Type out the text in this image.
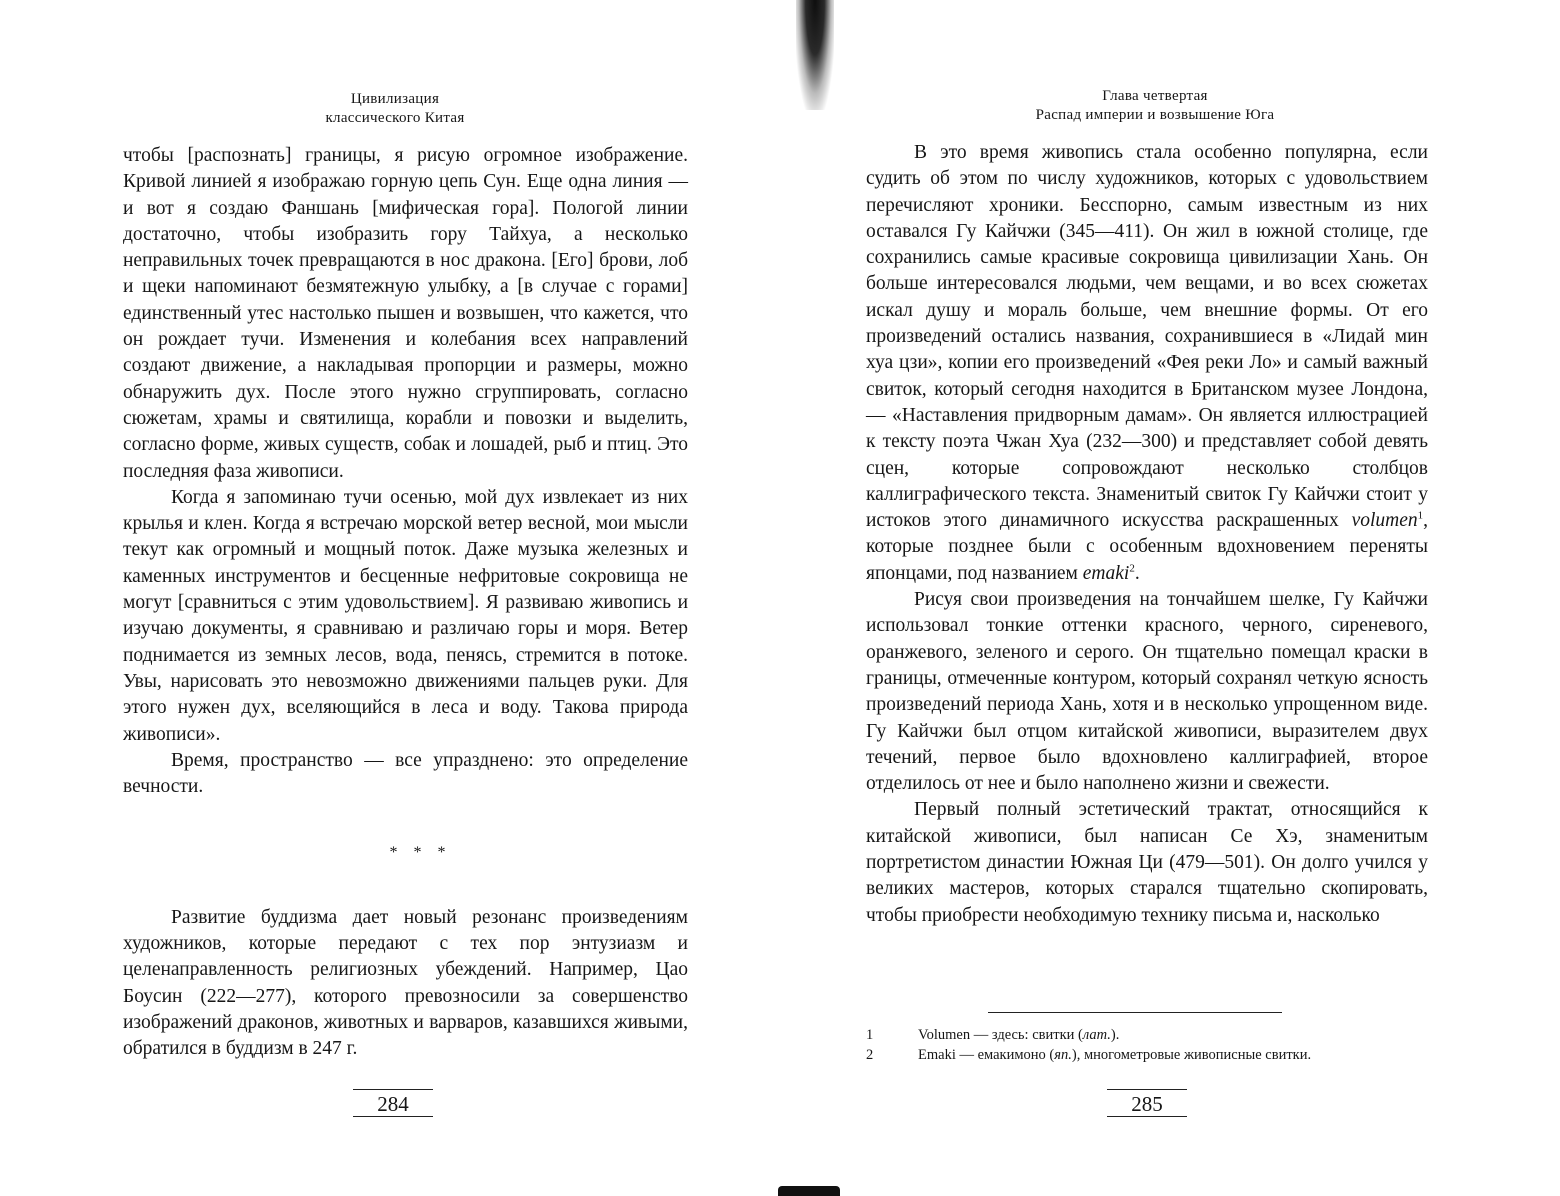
Цивилизация
классического Китая

чтобы [распознать] границы, я рисую огромное изображение. Кривой линией я изображаю горную цепь Сун. Еще одна линия — и вот я создаю Фаншань [мифическая гора]. Пологой линии достаточно, чтобы изобразить гору Тайхуа, а несколько неправильных точек превращаются в нос дракона. [Его] брови, лоб и щеки напоминают безмятежную улыбку, а [в случае с горами] единственный утес настолько пышен и возвышен, что кажется, что он рождает тучи. Изменения и колебания всех направлений создают движение, а накладывая пропорции и размеры, можно обнаружить дух. После этого нужно сгруппировать, согласно сюжетам, храмы и святилища, корабли и повозки и выделить, согласно форме, живых существ, собак и лошадей, рыб и птиц. Это последняя фаза живописи.

Когда я запоминаю тучи осенью, мой дух извлекает из них крылья и клен. Когда я встречаю морской ветер весной, мои мысли текут как огромный и мощный поток. Даже музыка железных и каменных инструментов и бесценные нефритовые сокровища не могут [сравниться с этим удовольствием]. Я развиваю живопись и изучаю документы, я сравниваю и различаю горы и моря. Ветер поднимается из земных лесов, вода, пенясь, стремится в потоке. Увы, нарисовать это невозможно движениями пальцев руки. Для этого нужен дух, вселяющийся в леса и воду. Такова природа живописи».

Время, пространство — все упразднено: это определение вечности.

* * *

Развитие буддизма дает новый резонанс произведениям художников, которые передают с тех пор энтузиазм и целенаправленность религиозных убеждений. Например, Цао Боусин (222—277), которого превозносили за совершенство изображений драконов, животных и варваров, казавшихся живыми, обратился в буддизм в 247 г.

284
Глава четвертая
Распад империи и возвышение Юга

В это время живопись стала особенно популярна, если судить об этом по числу художников, которых с удовольствием перечисляют хроники. Бесспорно, самым известным из них оставался Гу Кайчжи (345—411). Он жил в южной столице, где сохранились самые красивые сокровища цивилизации Хань. Он больше интересовался людьми, чем вещами, и во всех сюжетах искал душу и мораль больше, чем внешние формы. От его произведений остались названия, сохранившиеся в «Лидай мин хуа цзи», копии его произведений «Фея реки Ло» и самый важный свиток, который сегодня находится в Британском музее Лондона, — «Наставления придворным дамам». Он является иллюстрацией к тексту поэта Чжан Хуа (232—300) и представляет собой девять сцен, которые сопровождают несколько столбцов каллиграфического текста. Знаменитый свиток Гу Кайчжи стоит у истоков этого динамичного искусства раскрашенных volumen$^1$, которые позднее были с особенным вдохновением переняты японцами, под названием emaki$^2$.

Рисуя свои произведения на тончайшем шелке, Гу Кайчжи использовал тонкие оттенки красного, черного, сиреневого, оранжевого, зеленого и серого. Он тщательно помещал краски в границы, отмеченные контуром, который сохранял четкую ясность произведений периода Хань, хотя и в несколько упрощенном виде. Гу Кайчжи был отцом китайской живописи, выразителем двух течений, первое было вдохновлено каллиграфией, второе отделилось от нее и было наполнено жизни и свежести.

Первый полный эстетический трактат, относящийся к китайской живописи, был написан Се Хэ, знаменитым портретистом династии Южная Ци (479—501). Он долго учился у великих мастеров, которых старался тщательно скопировать, чтобы приобрести необходимую технику письма и, насколько

1	Volumen — здесь: свитки (лат.).
2	Emaki — емакимоно (яп.), многометровые живописные свитки.
285
